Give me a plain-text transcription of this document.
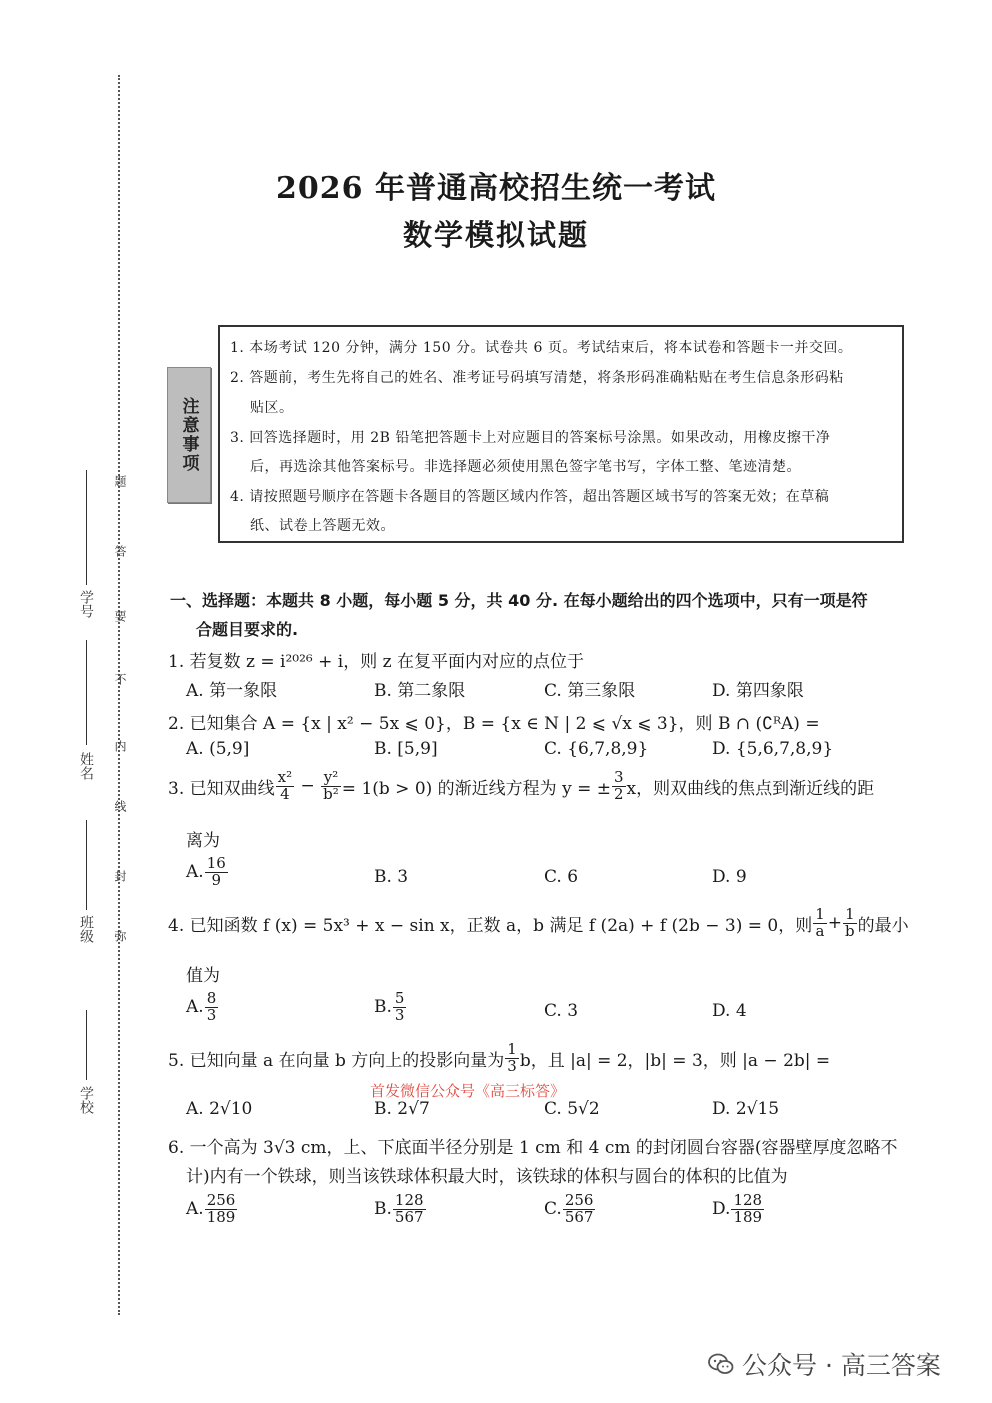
学校
班级
姓名
学号
弥
封
线
内
不
要
答
题
2026 年普通高校招生统一考试
数学模拟试题
注意事项
1. 本场考试 120 分钟，满分 150 分。试卷共 6 页。考试结束后，将本试卷和答题卡一并交回。
2. 答题前，考生先将自己的姓名、准考证号码填写清楚，将条形码准确粘贴在考生信息条形码粘
贴区。
3. 回答选择题时，用 2B 铅笔把答题卡上对应题目的答案标号涂黑。如果改动，用橡皮擦干净
后，再选涂其他答案标号。非选择题必须使用黑色签字笔书写，字体工整、笔迹清楚。
4. 请按照题号顺序在答题卡各题目的答题区域内作答，超出答题区域书写的答案无效；在草稿
纸、试卷上答题无效。
一、选择题：本题共 8 小题，每小题 5 分，共 40 分. 在每小题给出的四个选项中，只有一项是符
合题目要求的.
1. 若复数 z = i²⁰²⁶ + i，则 z 在复平面内对应的点位于
A. 第一象限	B. 第二象限	C. 第三象限	D. 第四象限
2. 已知集合 A = {x | x² − 5x ⩽ 0}，B = {x ∈ N | 2 ⩽ √x ⩽ 3}，则 B ∩ (∁ᴿA) =
A. (5,9]	B. [5,9]	C. {6,7,8,9}	D. {5,6,7,8,9}
3. 已知双曲线 $\frac{\text{x²}}{4} - \frac{\text{y²}}{\text{b²}} = 1(b > 0)$ 的渐近线方程为 y = ± $\frac{3}{2}$ x，则双曲线的焦点到渐近线的距
离为
A. $\frac{16}{9}$	B. 3	C. 6	D. 9
4. 已知函数 f (x) = 5x³ + x − sin x，正数 a，b 满足 f (2a) + f (2b − 3) = 0，则 $\frac{1}{a} + \frac{1}{b}$ 的最小
值为
A. $\frac{8}{3}$	B. $\frac{5}{3}$	C. 3	D. 4
5. 已知向量 a 在向量 b 方向上的投影向量为 $\frac{1}{3}$ b，且 |a| = 2，|b| = 3，则 |a − 2b| =
首发微信公众号《高三标答》
A. 2√10	B. 2√7	C. 5√2	D. 2√15
6. 一个高为 3√3 cm，上、下底面半径分别是 1 cm 和 4 cm 的封闭圆台容器(容器壁厚度忽略不
计)内有一个铁球，则当该铁球体积最大时，该铁球的体积与圆台的体积的比值为
A. $\frac{256}{189}$	B. $\frac{128}{567}$	C. $\frac{256}{567}$	D. $\frac{128}{189}$
公众号 · 高三答案
